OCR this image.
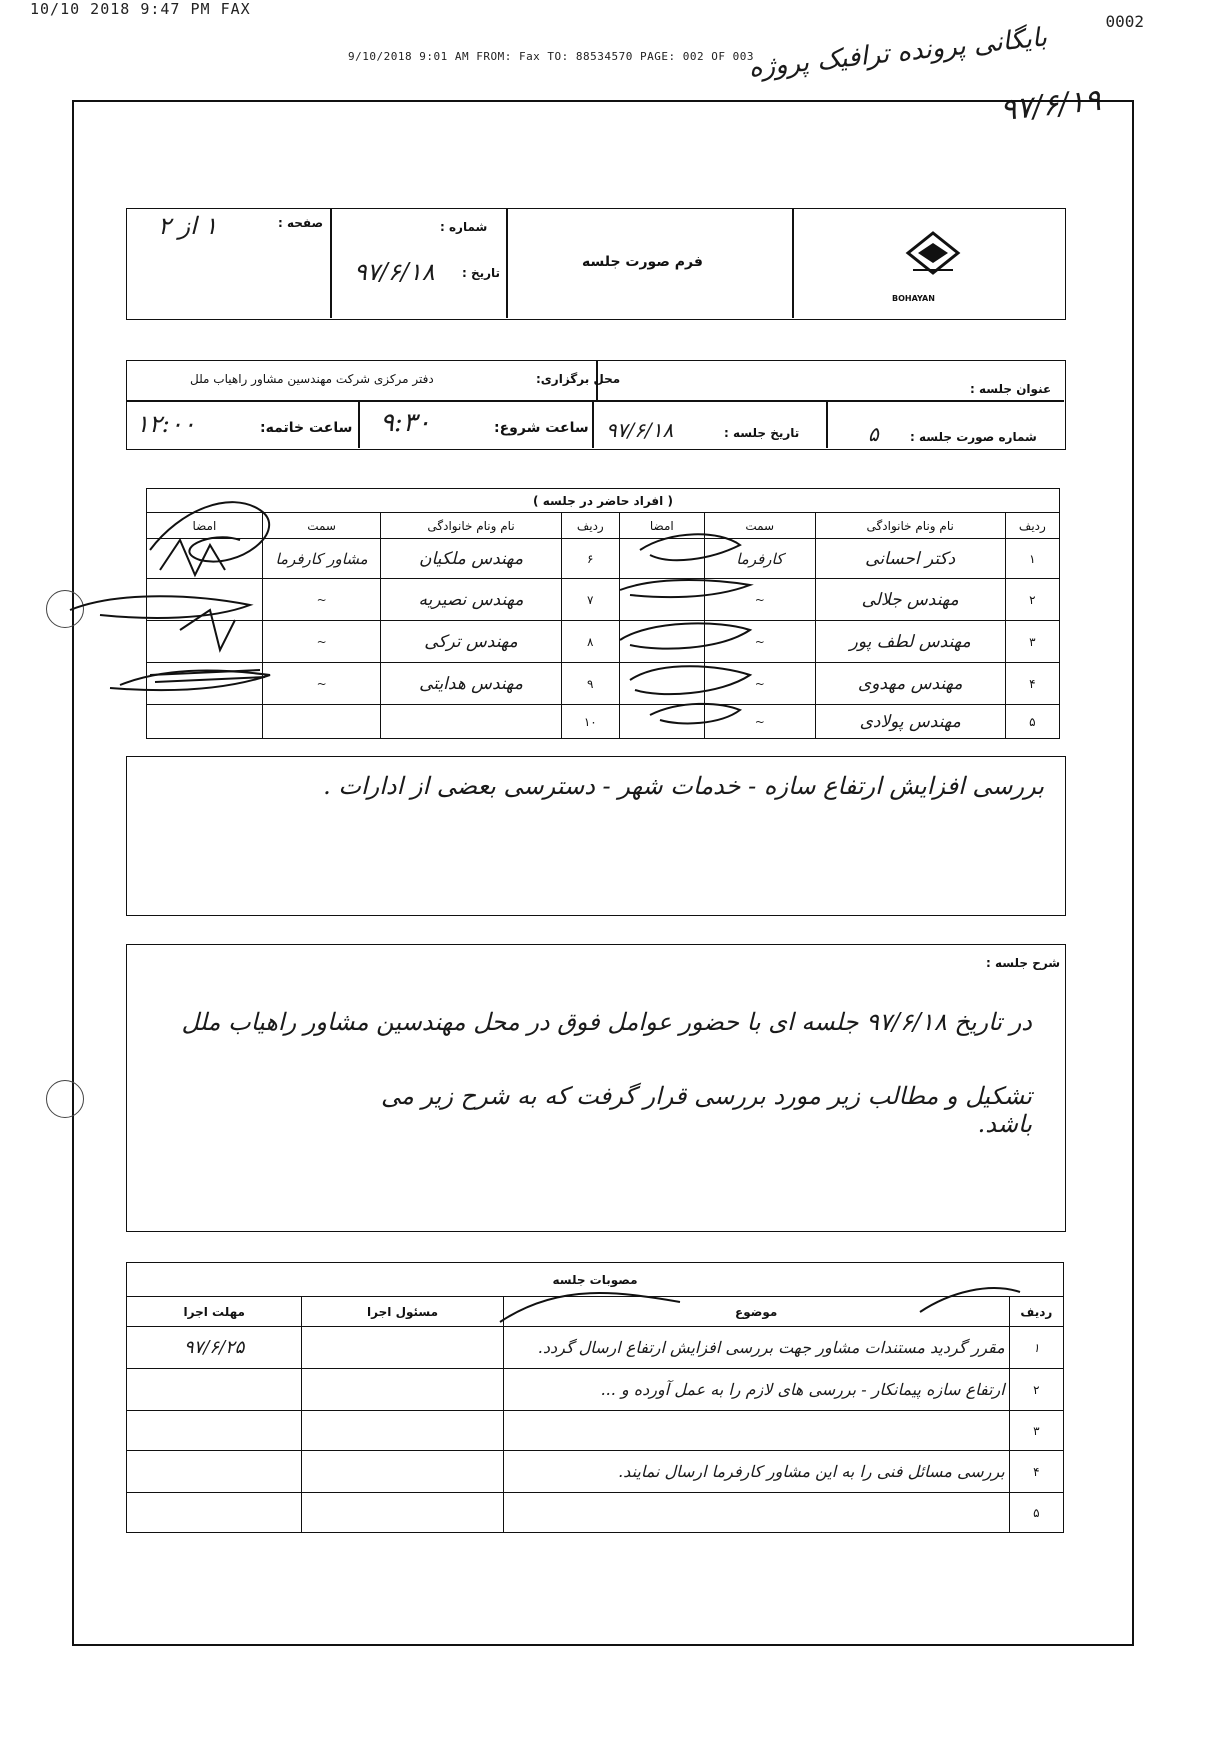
10/10 2018 9:47 PM FAX
0002
9/10/2018 9:01 AM FROM: Fax TO: 88534570 PAGE: 002 OF 003
بایگانی پرونده ترافیک پروژه
۹۷/۶/۱۹
BOHAYAN
فرم صورت جلسه
شماره :
تاریخ :
۹۷/۶/۱۸
صفحه :
۱ از ۲
عنوان جلسه :
محل برگزاری:
دفتر مرکزی شرکت مهندسین مشاور راهیاب ملل
شماره صورت جلسه :
۵
تاریخ جلسه :
۹۷/۶/۱۸
ساعت شروع:
۹:۳۰
ساعت خاتمه:
۱۲:۰۰
( افراد حاضر در جلسه )							
ردیف	نام ونام خانوادگی	سمت	امضا	ردیف	نام ونام خانوادگی	سمت	امضا
۱	دکتر احسانی	کارفرما		۶	مهندس ملکیان	مشاور کارفرما	
۲	مهندس جلالی	~		۷	مهندس نصیریه	~	
۳	مهندس لطف پور	~		۸	مهندس ترکی	~	
۴	مهندس مهدوی	~		۹	مهندس هدایتی	~	
۵	مهندس پولادی	~		۱۰			
بررسی افزایش ارتفاع سازه - خدمات شهر - دسترسی بعضی از ادارات .
شرح جلسه :
در تاریخ ۹۷/۶/۱۸ جلسه ای با حضور عوامل فوق در محل مهندسین مشاور راهیاب ملل
تشکیل و مطالب زیر مورد بررسی قرار گرفت که به شرح زیر می باشد.
مصوبات جلسه			
ردیف	موضوع	مسئول اجرا	مهلت اجرا
۱	مقرر گردید مستندات مشاور جهت بررسی افزایش ارتفاع ارسال گردد.		۹۷/۶/۲۵
۲	ارتفاع سازه پیمانکار - بررسی های لازم را به عمل آورده و ...		
۳			
۴	بررسی مسائل فنی را به این مشاور کارفرما ارسال نمایند.		
۵			
